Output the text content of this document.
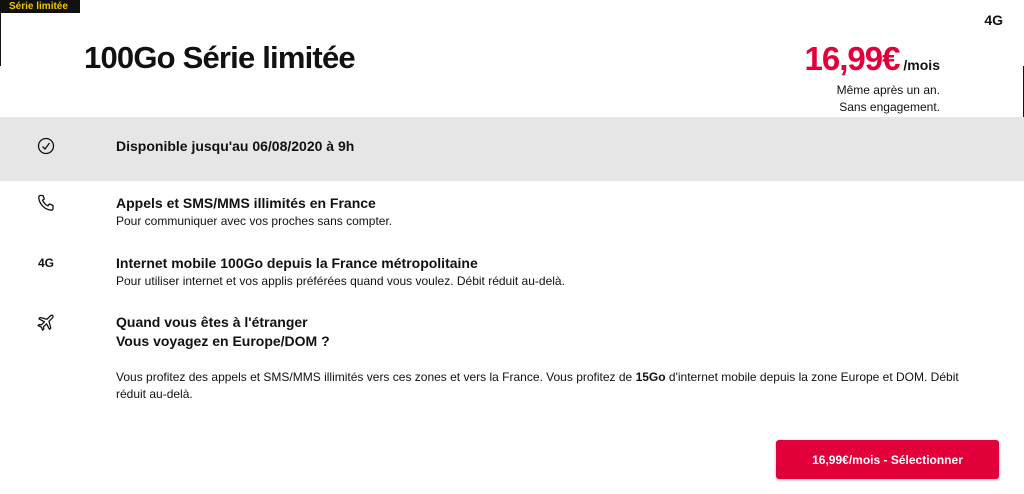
Série limitée
4G
100Go Série limitée	16,99€ /mois
Même après un an.
Sans engagement.
Disponible jusqu'au 06/08/2020 à 9h
Appels et SMS/MMS illimités en France
Pour communiquer avec vos proches sans compter.
4G	Internet mobile 100Go depuis la France métropolitaine
Pour utiliser internet et vos applis préférées quand vous voulez. Débit réduit au-delà.
Quand vous êtes à l'étranger
Vous voyagez en Europe/DOM ?
Vous profitez des appels et SMS/MMS illimités vers ces zones et vers la France. Vous profitez de 15Go d'internet mobile depuis la zone Europe et DOM. Débit réduit au-delà.
16,99€/mois - Sélectionner
